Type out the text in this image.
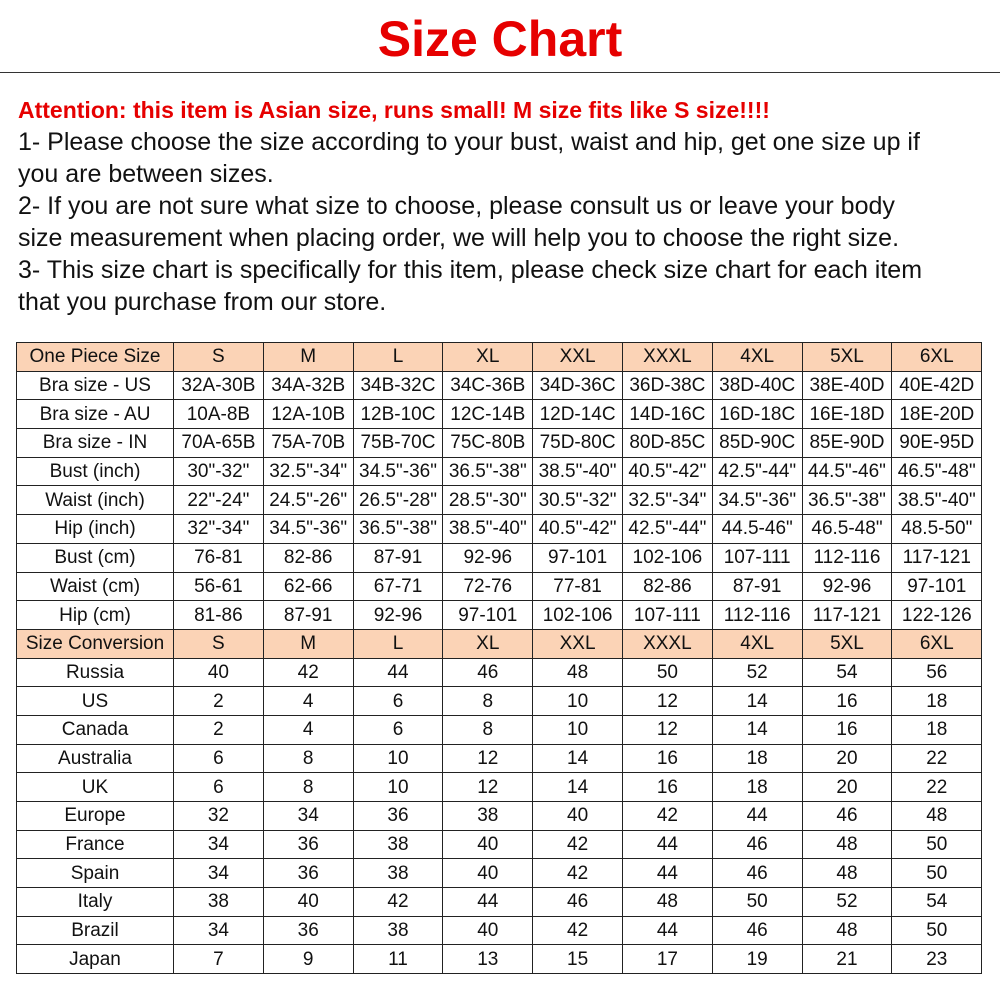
Size Chart
Attention: this item is Asian size, runs small! M size fits like S size!!!!
1- Please choose the size according to your bust, waist and hip, get one size up if
you are between sizes.
2- If you are not sure what size to choose, please consult us or leave your body
size measurement when placing order, we will help you to choose the right size.
3- This size chart is specifically for this item, please check size chart for each item
that you purchase from our store.
One Piece Size	S	M	L	XL	XXL	XXXL	4XL	5XL	6XL
Bra size - US	32A-30B	34A-32B	34B-32C	34C-36B	34D-36C	36D-38C	38D-40C	38E-40D	40E-42D
Bra size - AU	10A-8B	12A-10B	12B-10C	12C-14B	12D-14C	14D-16C	16D-18C	16E-18D	18E-20D
Bra size - IN	70A-65B	75A-70B	75B-70C	75C-80B	75D-80C	80D-85C	85D-90C	85E-90D	90E-95D
Bust (inch)	30"-32"	32.5"-34"	34.5"-36"	36.5"-38"	38.5"-40"	40.5"-42"	42.5"-44"	44.5"-46"	46.5"-48"
Waist (inch)	22"-24"	24.5"-26"	26.5"-28"	28.5"-30"	30.5"-32"	32.5"-34"	34.5"-36"	36.5"-38"	38.5"-40"
Hip (inch)	32"-34"	34.5"-36"	36.5"-38"	38.5"-40"	40.5"-42"	42.5"-44"	44.5-46"	46.5-48"	48.5-50"
Bust (cm)	76-81	82-86	87-91	92-96	97-101	102-106	107-111	112-116	117-121
Waist (cm)	56-61	62-66	67-71	72-76	77-81	82-86	87-91	92-96	97-101
Hip (cm)	81-86	87-91	92-96	97-101	102-106	107-111	112-116	117-121	122-126
Size Conversion	S	M	L	XL	XXL	XXXL	4XL	5XL	6XL
Russia	40	42	44	46	48	50	52	54	56
US	2	4	6	8	10	12	14	16	18
Canada	2	4	6	8	10	12	14	16	18
Australia	6	8	10	12	14	16	18	20	22
UK	6	8	10	12	14	16	18	20	22
Europe	32	34	36	38	40	42	44	46	48
France	34	36	38	40	42	44	46	48	50
Spain	34	36	38	40	42	44	46	48	50
Italy	38	40	42	44	46	48	50	52	54
Brazil	34	36	38	40	42	44	46	48	50
Japan	7	9	11	13	15	17	19	21	23
